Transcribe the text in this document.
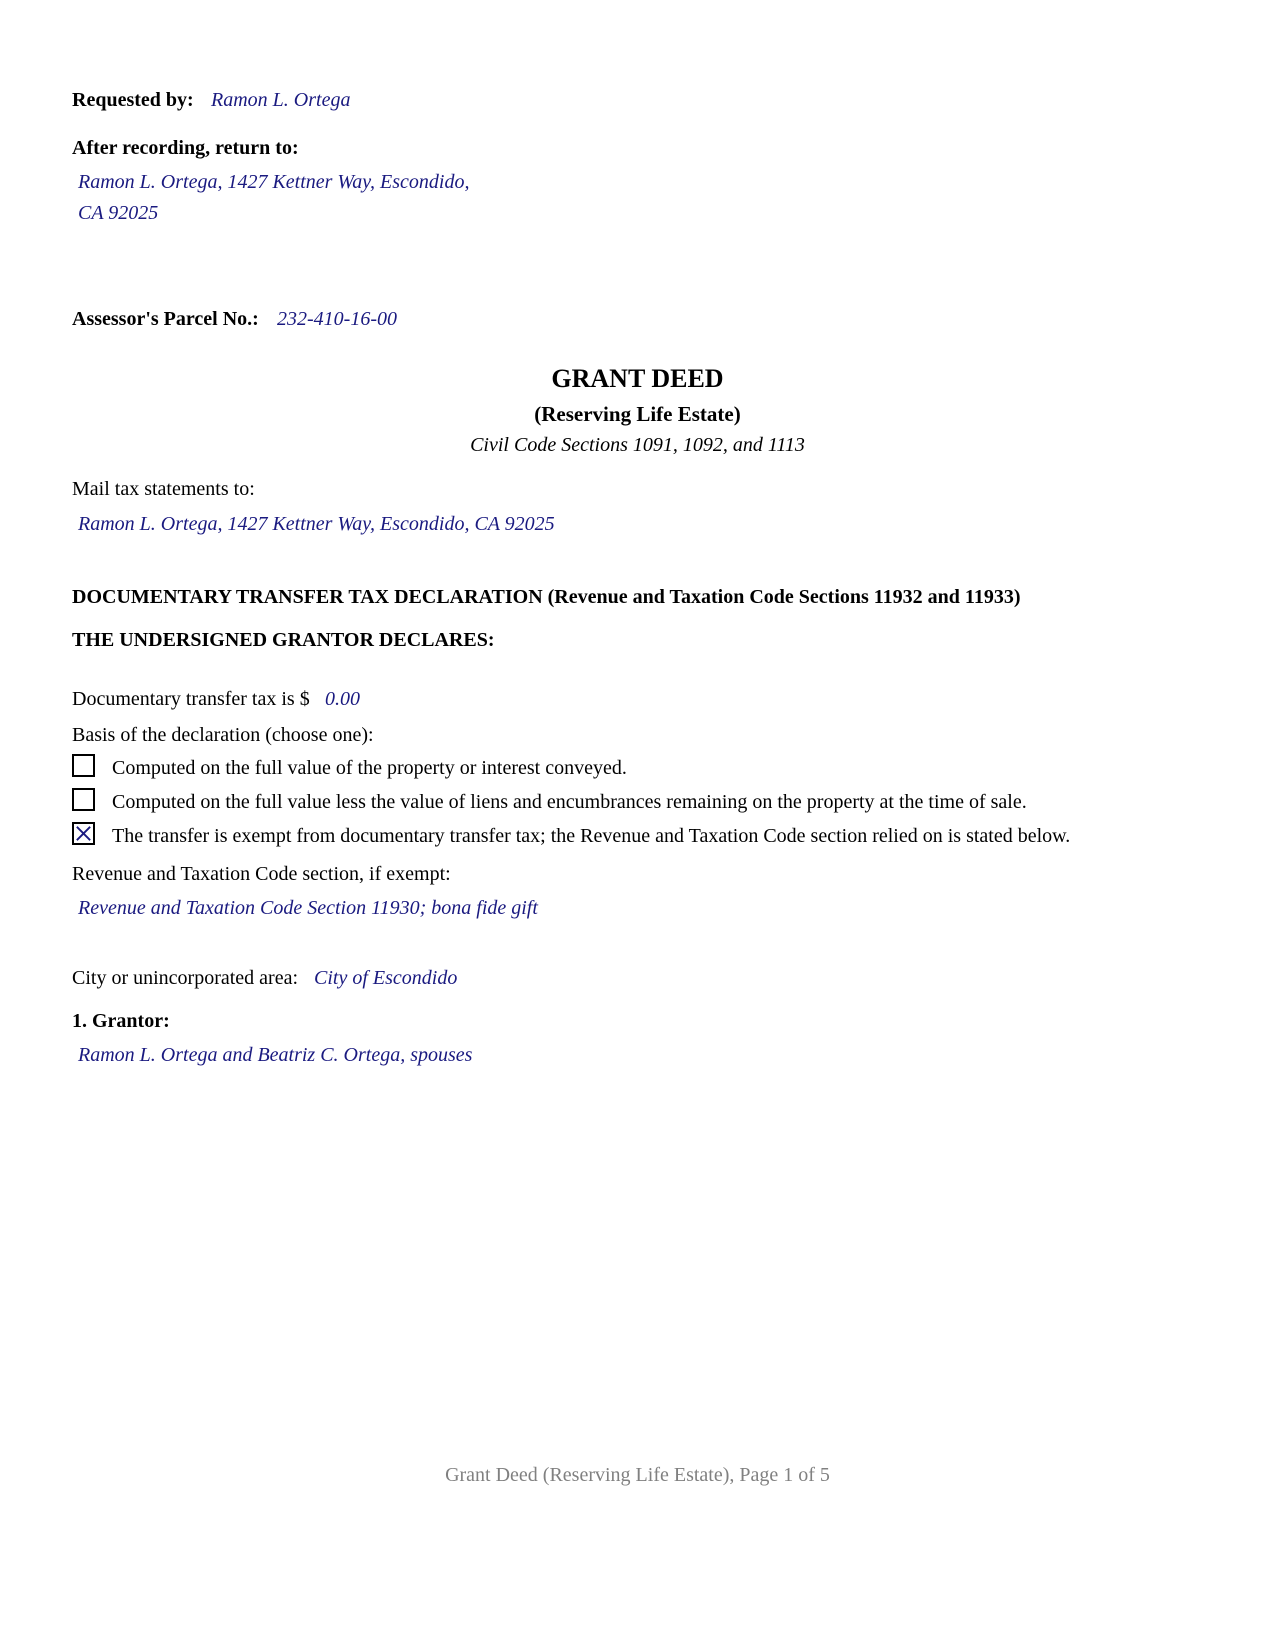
Requested by: Ramon L. Ortega
After recording, return to:
Ramon L. Ortega, 1427 Kettner Way, Escondido,
CA 92025
Assessor's Parcel No.: 232-410-16-00
GRANT DEED
(Reserving Life Estate)
Civil Code Sections 1091, 1092, and 1113
Mail tax statements to:
Ramon L. Ortega, 1427 Kettner Way, Escondido, CA 92025
DOCUMENTARY TRANSFER TAX DECLARATION (Revenue and Taxation Code Sections 11932 and 11933)
THE UNDERSIGNED GRANTOR DECLARES:
Documentary transfer tax is $ 0.00
Basis of the declaration (choose one):
Computed on the full value of the property or interest conveyed.
Computed on the full value less the value of liens and encumbrances remaining on the property at the time of sale.
The transfer is exempt from documentary transfer tax; the Revenue and Taxation Code section relied on is stated below.
Revenue and Taxation Code section, if exempt:
Revenue and Taxation Code Section 11930; bona fide gift
City or unincorporated area: City of Escondido
1. Grantor:
Ramon L. Ortega and Beatriz C. Ortega, spouses
Grant Deed (Reserving Life Estate), Page 1 of 5
